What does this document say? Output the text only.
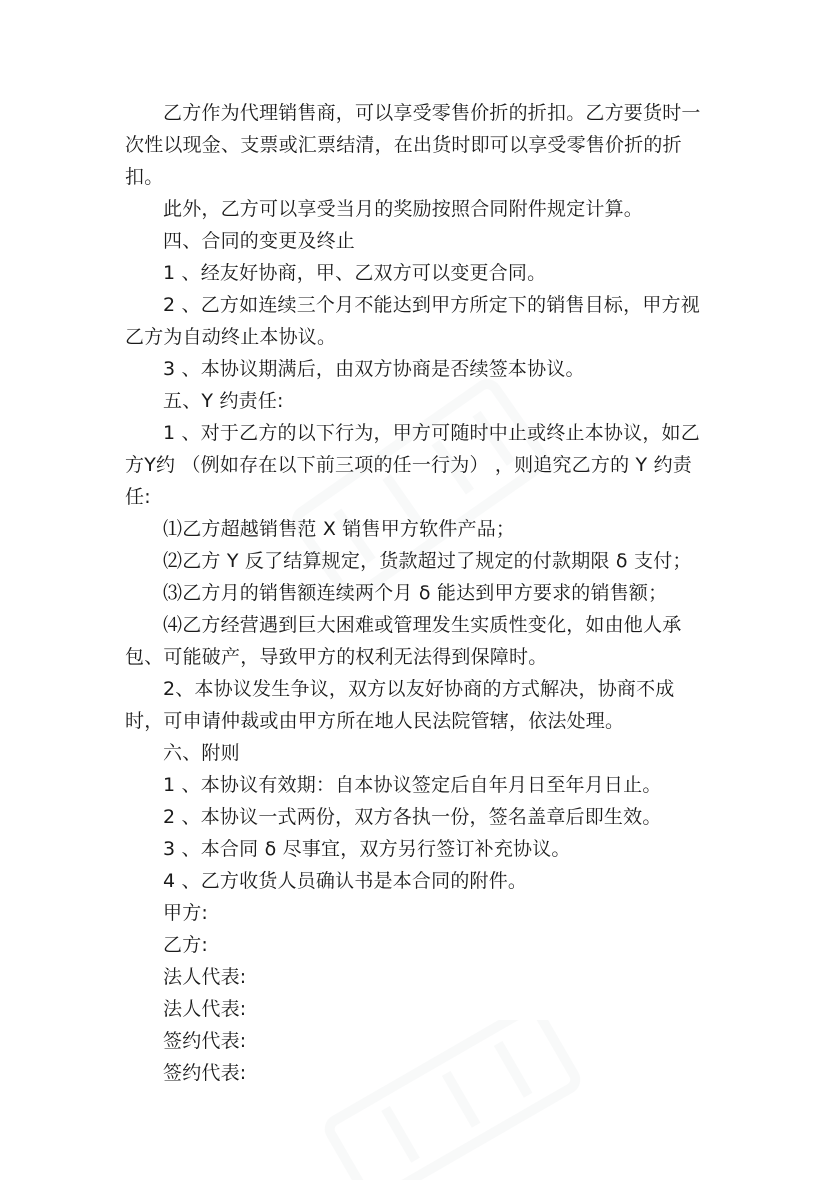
乙方作为代理销售商，可以享受零售价折的折扣。乙方要货时一次性以现金、支票或汇票结清，在出货时即可以享受零售价折的折扣。

此外，乙方可以享受当月的奖励按照合同附件规定计算。

四、合同的变更及终止

1 、经友好协商，甲、乙双方可以变更合同。

2 、乙方如连续三个月不能达到甲方所定下的销售目标，甲方视乙方为自动终止本协议。

3 、本协议期满后，由双方协商是否续签本协议。

五、Y 约责任:

1 、对于乙方的以下行为，甲方可随时中止或终止本协议，如乙方Y约 （例如存在以下前三项的任一行为） ，则追究乙方的 Y 约责任:

⑴乙方超越销售范 X 销售甲方软件产品；

⑵乙方 Y 反了结算规定，货款超过了规定的付款期限 δ 支付；

⑶乙方月的销售额连续两个月 δ 能达到甲方要求的销售额；

⑷乙方经营遇到巨大困难或管理发生实质性变化，如由他人承包、可能破产，导致甲方的权利无法得到保障时。

2、本协议发生争议，双方以友好协商的方式解决，协商不成时，可申请仲裁或由甲方所在地人民法院管辖，依法处理。

六、附则

1 、本协议有效期：自本协议签定后自年月日至年月日止。

2 、本协议一式两份，双方各执一份，签名盖章后即生效。

3 、本合同 δ 尽事宜，双方另行签订补充协议。

4 、乙方收货人员确认书是本合同的附件。

甲方:

乙方:

法人代表:

法人代表:

签约代表:

签约代表:
